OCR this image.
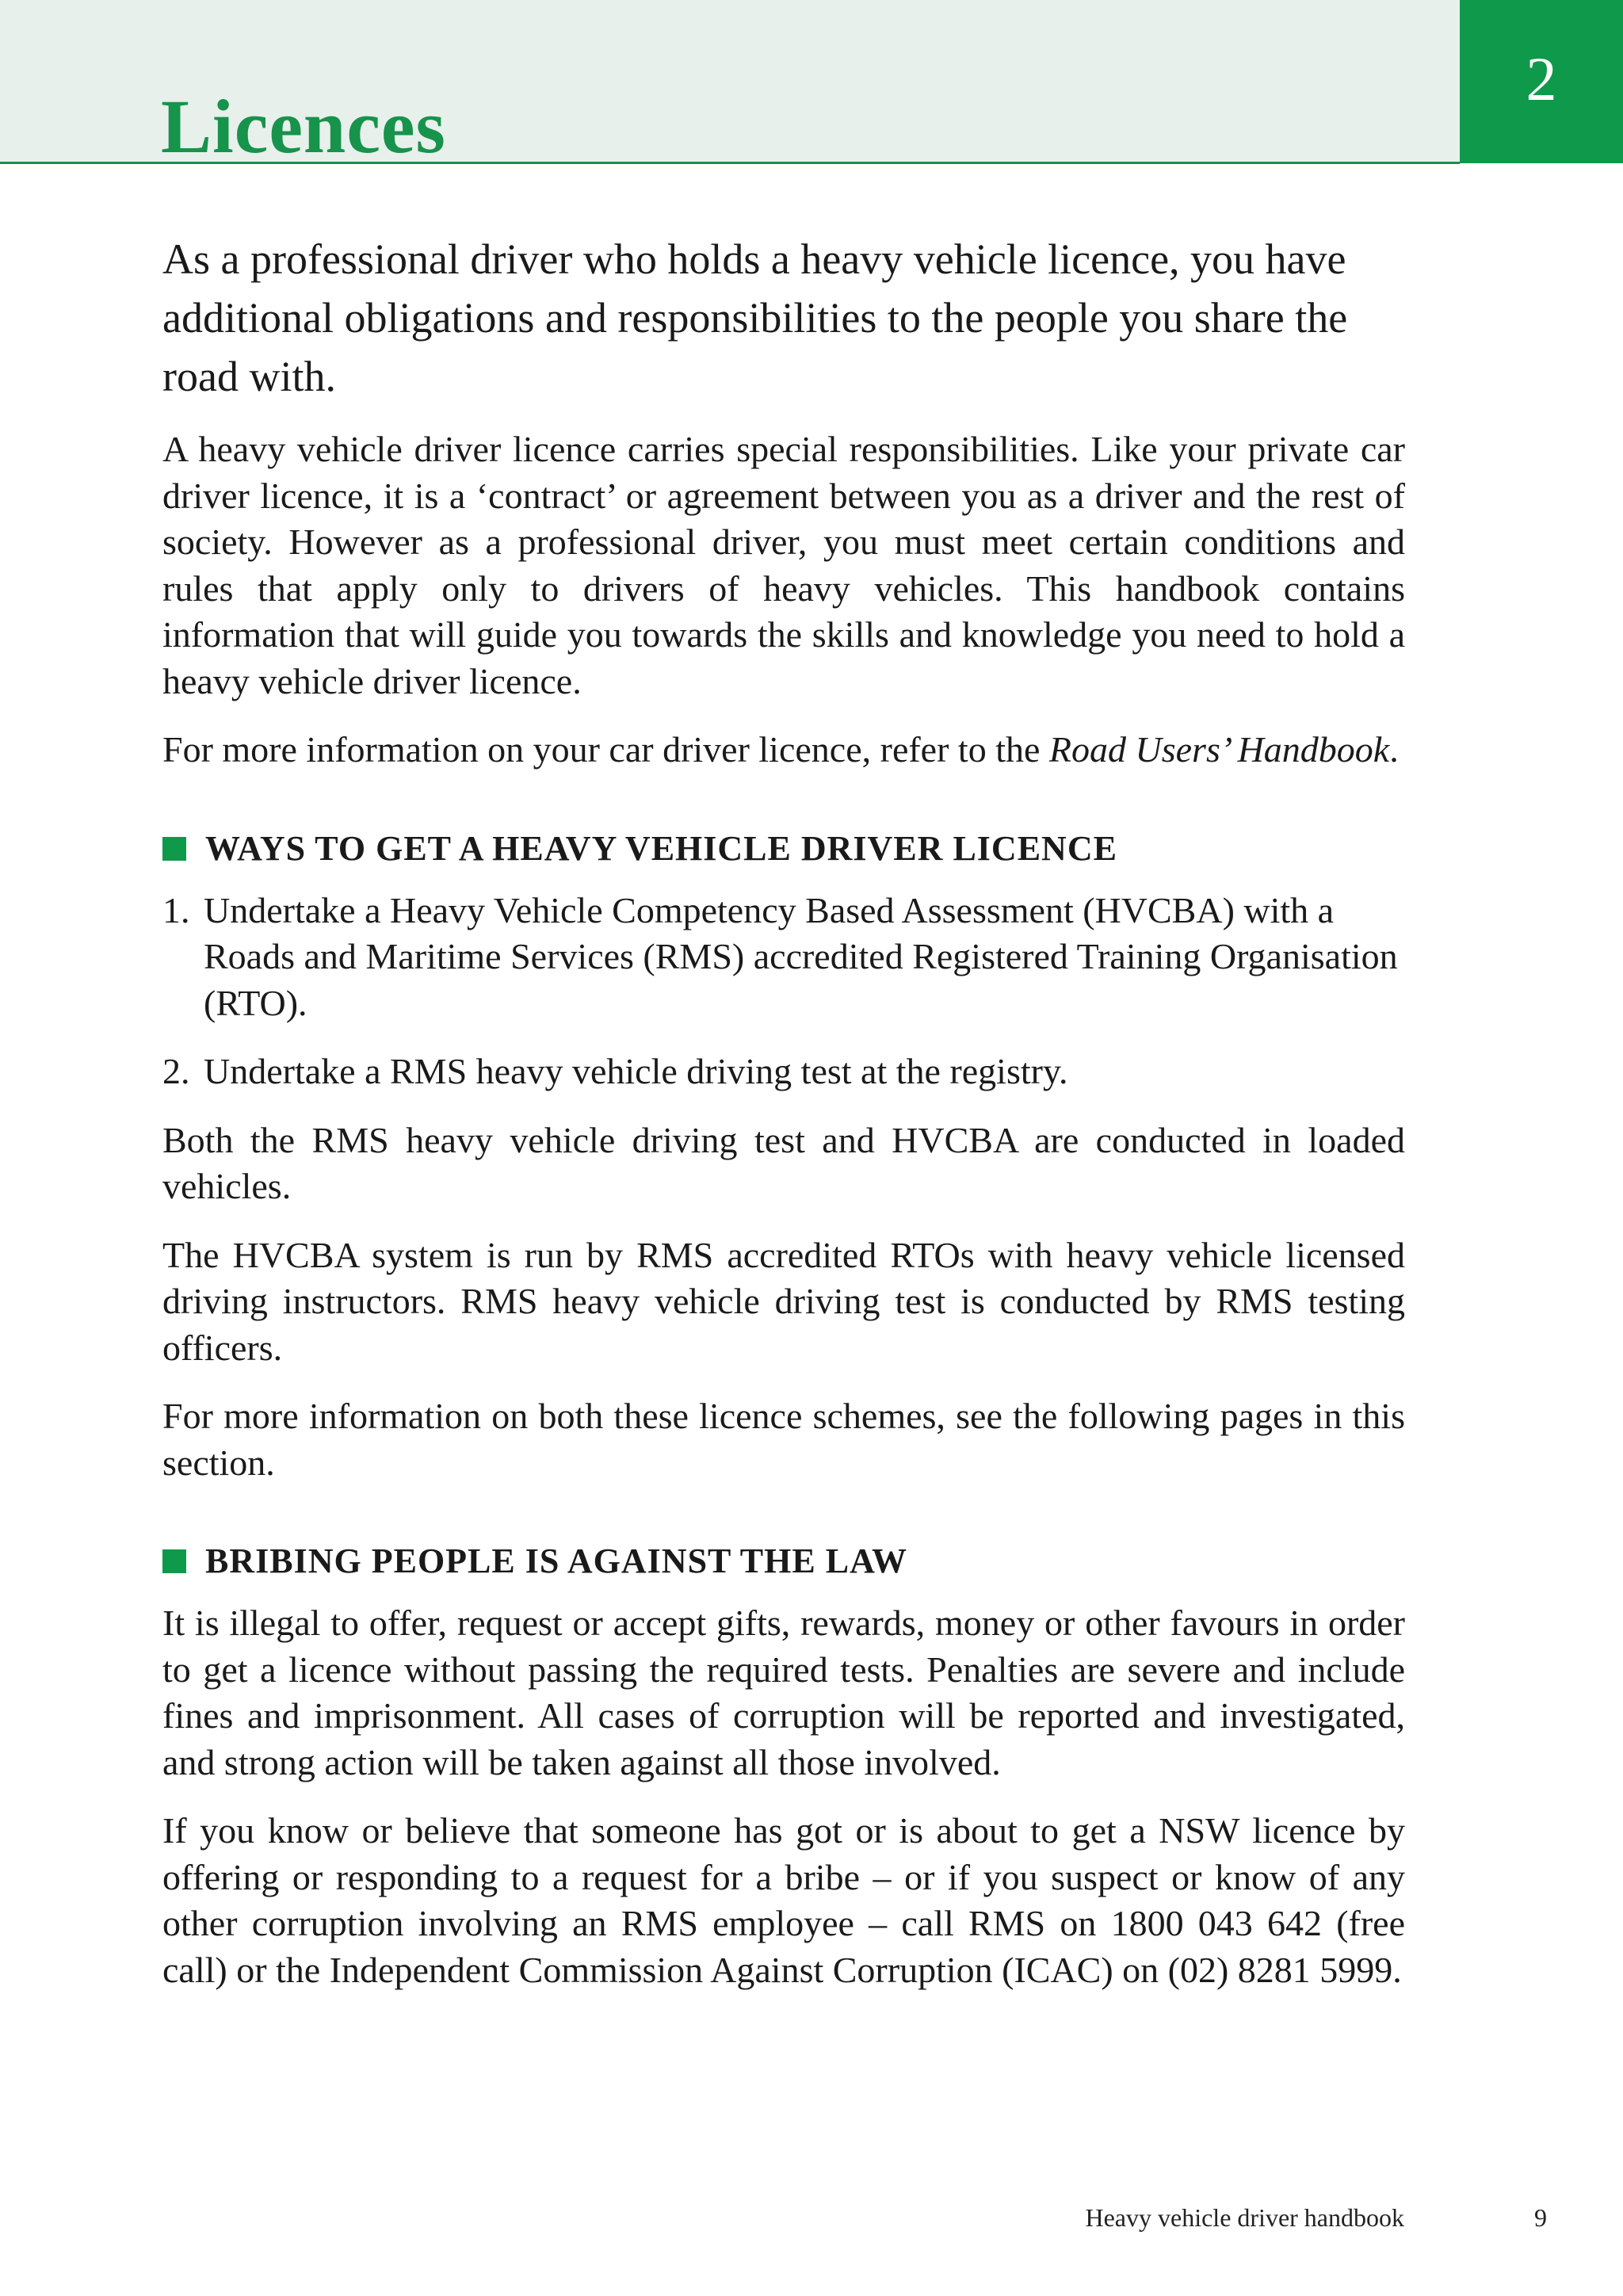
2
Licences

As a professional driver who holds a heavy vehicle licence, you have additional obligations and responsibilities to the people you share the road with.

A heavy vehicle driver licence carries special responsibilities. Like your private car driver licence, it is a ‘contract’ or agreement between you as a driver and the rest of society. However as a professional driver, you must meet certain conditions and rules that apply only to drivers of heavy vehicles. This handbook contains information that will guide you towards the skills and knowledge you need to hold a heavy vehicle driver licence.

For more information on your car driver licence, refer to the Road Users’ Handbook.

WAYS TO GET A HEAVY VEHICLE DRIVER LICENCE
1. Undertake a Heavy Vehicle Competency Based Assessment (HVCBA) with a Roads and Maritime Services (RMS) accredited Registered Training Organisation (RTO).
2. Undertake a RMS heavy vehicle driving test at the registry.

Both the RMS heavy vehicle driving test and HVCBA are conducted in loaded vehicles.

The HVCBA system is run by RMS accredited RTOs with heavy vehicle licensed driving instructors. RMS heavy vehicle driving test is conducted by RMS testing officers.

For more information on both these licence schemes, see the following pages in this section.

BRIBING PEOPLE IS AGAINST THE LAW

It is illegal to offer, request or accept gifts, rewards, money or other favours in order to get a licence without passing the required tests. Penalties are severe and include fines and imprisonment. All cases of corruption will be reported and investigated, and strong action will be taken against all those involved.

If you know or believe that someone has got or is about to get a NSW licence by offering or responding to a request for a bribe – or if you suspect or know of any other corruption involving an RMS employee – call RMS on 1800 043 642 (free call) or the Independent Commission Against Corruption (ICAC) on (02) 8281 5999.

Heavy vehicle driver handbook	9
